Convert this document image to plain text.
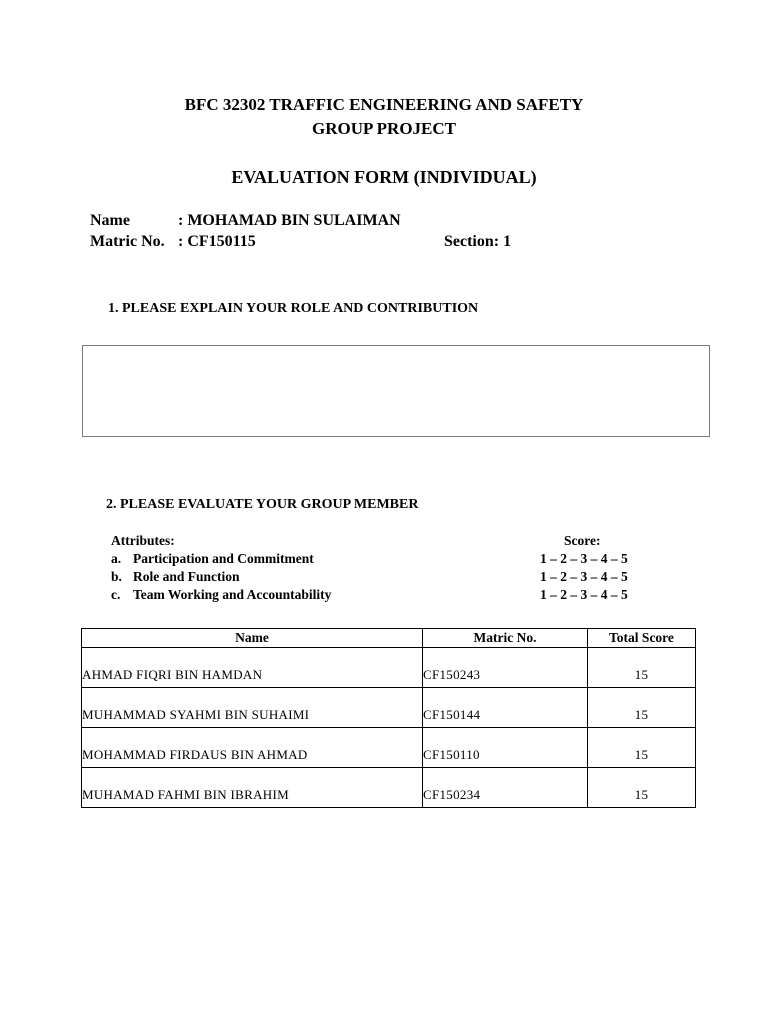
BFC 32302 TRAFFIC ENGINEERING AND SAFETY
GROUP PROJECT
EVALUATION FORM (INDIVIDUAL)
Name	: MOHAMAD BIN SULAIMAN
Matric No. : CF150115	Section: 1
1. PLEASE EXPLAIN YOUR ROLE AND CONTRIBUTION
2. PLEASE EVALUATE YOUR GROUP MEMBER
Attributes:	Score:
a. Participation and Commitment	1 – 2 – 3 – 4 – 5
b. Role and Function	1 – 2 – 3 – 4 – 5
c. Team Working and Accountability	1 – 2 – 3 – 4 – 5
Name	Matric No.	Total Score
AHMAD FIQRI BIN HAMDAN	CF150243	15
MUHAMMAD SYAHMI BIN SUHAIMI	CF150144	15
MOHAMMAD FIRDAUS BIN AHMAD	CF150110	15
MUHAMAD FAHMI BIN IBRAHIM	CF150234	15
